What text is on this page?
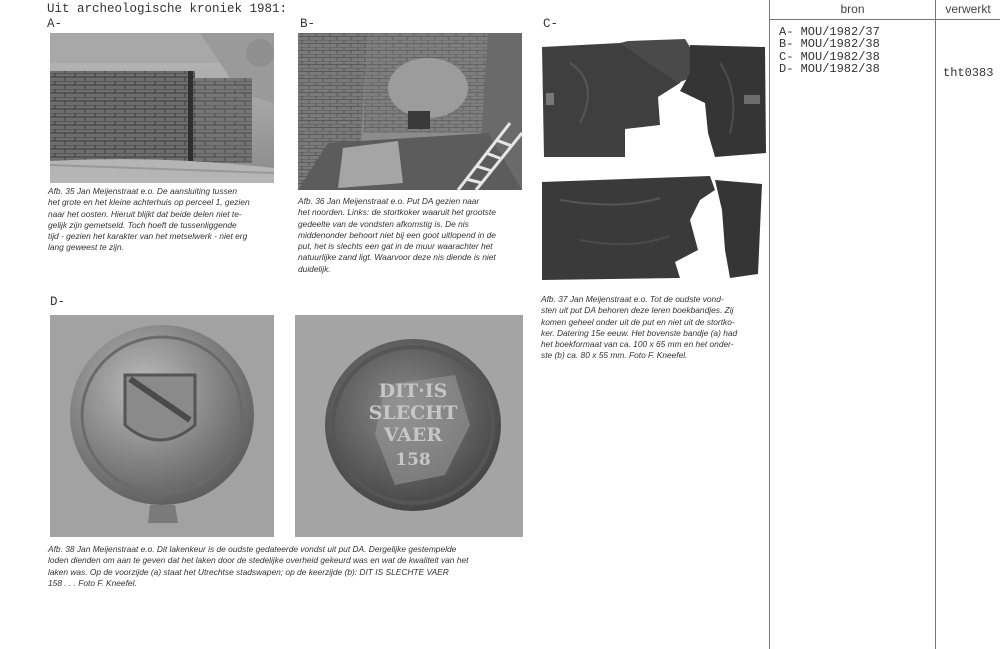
Uit archeologische kroniek 1981:
A-	B-	C-
D-
DIT·IS
SLECHT
VAER
158
Afb. 35 Jan Meijenstraat e.o. De aansluiting tussen
het grote en het kleine achterhuis op perceel 1, gezien
naar het oosten. Hieruit blijkt dat beide delen niet te-
gelijk zijn gemetseld. Toch hoeft de tussenliggende
tijd - gezien het karakter van het metselwerk - niet erg
lang geweest te zijn.
Afb. 36 Jan Meijenstraat e.o. Put DA gezien naar
het noorden. Links: de stortkoker waaruit het grootste
gedeelte van de vondsten afkomstig is. De nis
middenonder behoort niet bij een goot uitlopend in de
put, het is slechts een gat in de muur waarachter het
natuurlijke zand ligt. Waarvoor deze nis diende is niet
duidelijk.
Afb. 37 Jan Meijenstraat e.o. Tot de oudste vond-
sten uit put DA behoren deze leren boekbandjes. Zij
komen geheel onder uit de put en niet uit de stortko-
ker. Datering 15e eeuw. Het bovenste bandje (a) had
het boekformaat van ca. 100 x 65 mm en het onder-
ste (b) ca. 80 x 55 mm. Foto F. Kneefel.
Afb. 38 Jan Meijenstraat e.o. Dit lakenkeur is de oudste gedateerde vondst uit put DA. Dergelijke gestempelde
loden dienden om aan te geven dat het laken door de stedelijke overheid gekeurd was en wat de kwaliteit van het
laken was. Op de voorzijde (a) staat het Utrechtse stadswapen; op de keerzijde (b): DIT IS SLECHTE VAER
158 . . . Foto F. Kneefel.
bron	verwerkt
A- MOU/1982/37
B- MOU/1982/38
C- MOU/1982/38
D- MOU/1982/38	tht0383
